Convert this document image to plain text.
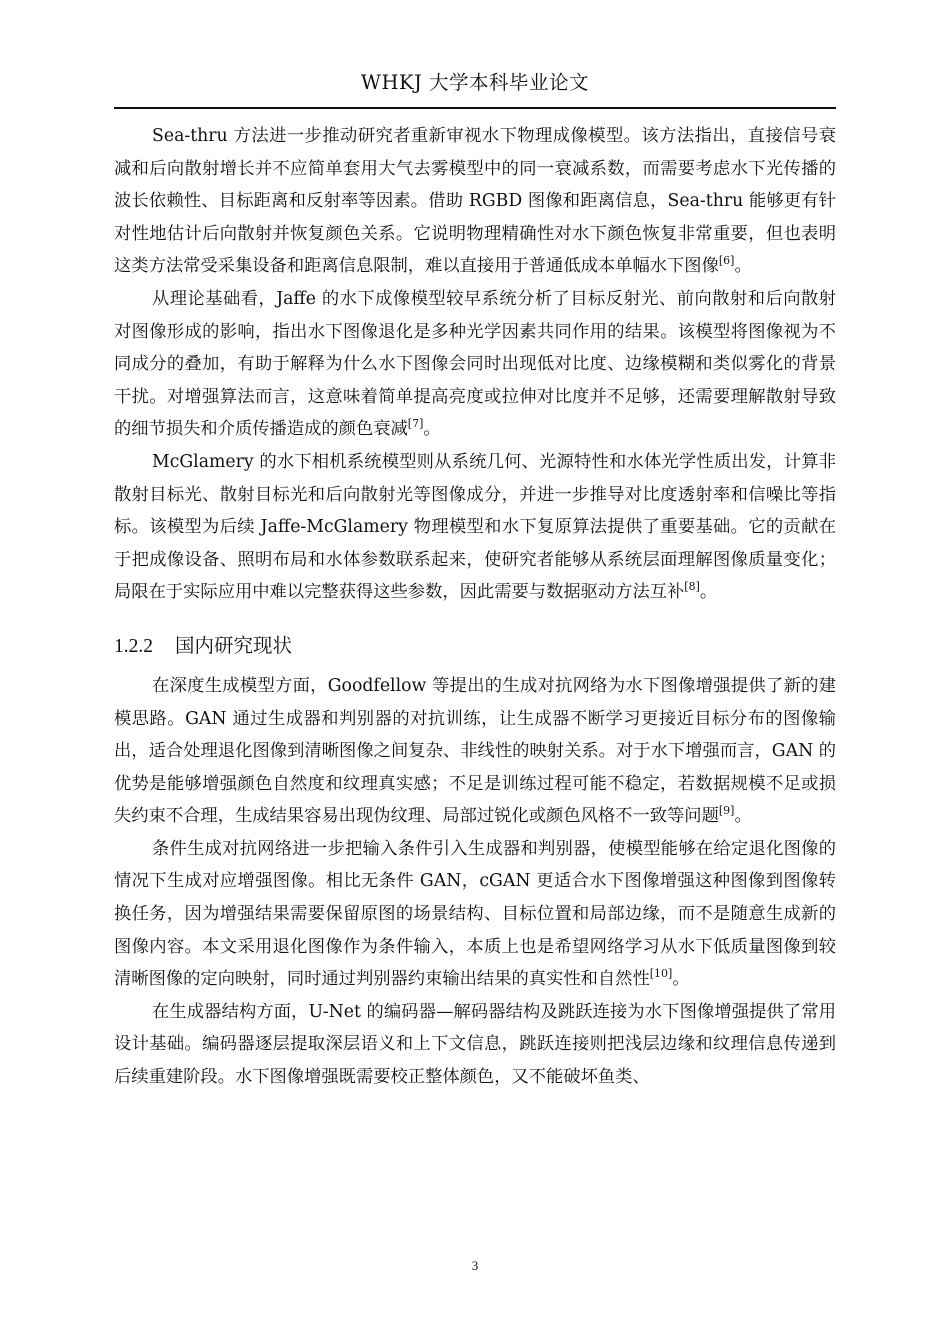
WHKJ 大学本科毕业论文

Sea-thru 方法进一步推动研究者重新审视水下物理成像模型。该方法指出，直接信号衰减和后向散射增长并不应简单套用大气去雾模型中的同一衰减系数，而需要考虑水下光传播的波长依赖性、目标距离和反射率等因素。借助 RGBD 图像和距离信息，Sea-thru 能够更有针对性地估计后向散射并恢复颜色关系。它说明物理精确性对水下颜色恢复非常重要，但也表明这类方法常受采集设备和距离信息限制，难以直接用于普通低成本单幅水下图像[6]。

从理论基础看，Jaffe 的水下成像模型较早系统分析了目标反射光、前向散射和后向散射对图像形成的影响，指出水下图像退化是多种光学因素共同作用的结果。该模型将图像视为不同成分的叠加，有助于解释为什么水下图像会同时出现低对比度、边缘模糊和类似雾化的背景干扰。对增强算法而言，这意味着简单提高亮度或拉伸对比度并不足够，还需要理解散射导致的细节损失和介质传播造成的颜色衰减[7]。

McGlamery 的水下相机系统模型则从系统几何、光源特性和水体光学性质出发，计算非散射目标光、散射目标光和后向散射光等图像成分，并进一步推导对比度透射率和信噪比等指标。该模型为后续 Jaffe-McGlamery 物理模型和水下复原算法提供了重要基础。它的贡献在于把成像设备、照明布局和水体参数联系起来，使研究者能够从系统层面理解图像质量变化；局限在于实际应用中难以完整获得这些参数，因此需要与数据驱动方法互补[8]。

1.2.2 国内研究现状

在深度生成模型方面，Goodfellow 等提出的生成对抗网络为水下图像增强提供了新的建模思路。GAN 通过生成器和判别器的对抗训练，让生成器不断学习更接近目标分布的图像输出，适合处理退化图像到清晰图像之间复杂、非线性的映射关系。对于水下增强而言，GAN 的优势是能够增强颜色自然度和纹理真实感；不足是训练过程可能不稳定，若数据规模不足或损失约束不合理，生成结果容易出现伪纹理、局部过锐化或颜色风格不一致等问题[9]。

条件生成对抗网络进一步把输入条件引入生成器和判别器，使模型能够在给定退化图像的情况下生成对应增强图像。相比无条件 GAN，cGAN 更适合水下图像增强这种图像到图像转换任务，因为增强结果需要保留原图的场景结构、目标位置和局部边缘，而不是随意生成新的图像内容。本文采用退化图像作为条件输入，本质上也是希望网络学习从水下低质量图像到较清晰图像的定向映射，同时通过判别器约束输出结果的真实性和自然性[10]。

在生成器结构方面，U-Net 的编码器—解码器结构及跳跃连接为水下图像增强提供了常用设计基础。编码器逐层提取深层语义和上下文信息，跳跃连接则把浅层边缘和纹理信息传递到后续重建阶段。水下图像增强既需要校正整体颜色，又不能破坏鱼类、

3
